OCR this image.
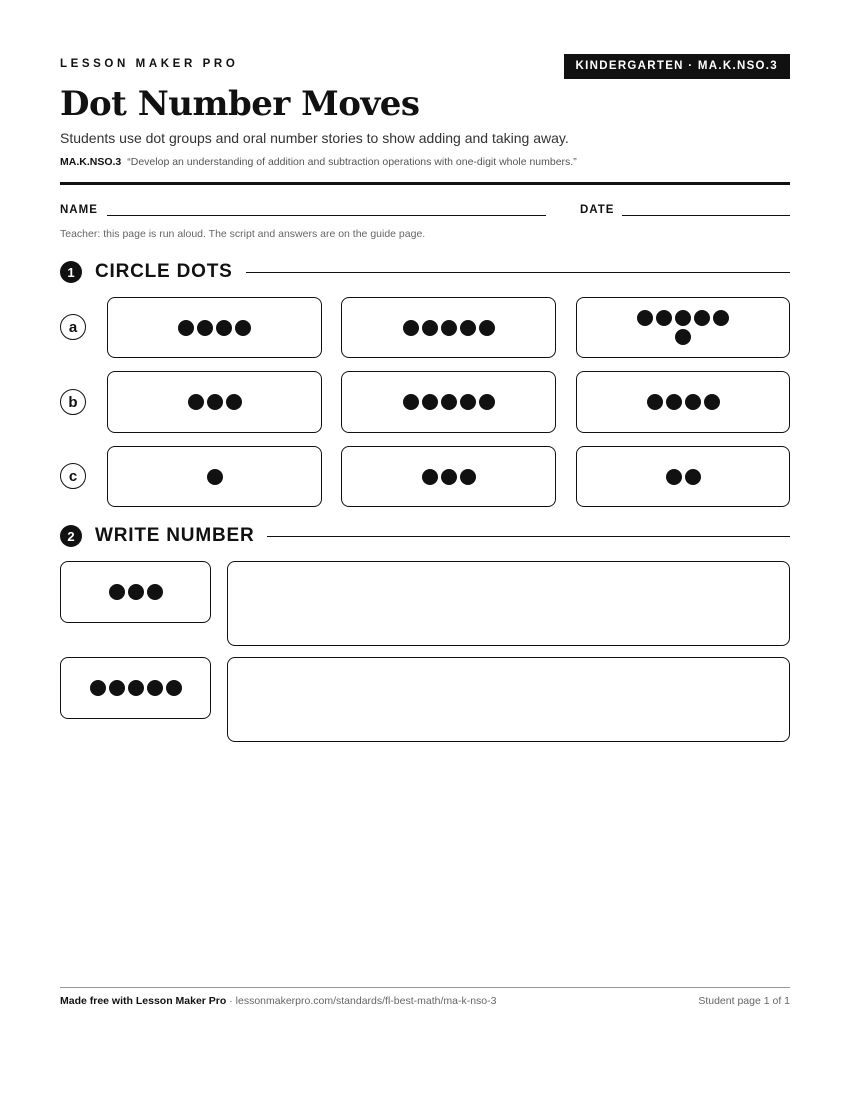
LESSON MAKER PRO	KINDERGARTEN · MA.K.NSO.3
Dot Number Moves
Students use dot groups and oral number stories to show adding and taking away.
MA.K.NSO.3 “Develop an understanding of addition and subtraction operations with one-digit whole numbers.”
NAME	DATE
Teacher: this page is run aloud. The script and answers are on the guide page.
1	CIRCLE DOTS
a
b
c
2	WRITE NUMBER
Made free with Lesson Maker Pro · lessonmakerpro.com/standards/fl-best-math/ma-k-nso-3	Student page 1 of 1
